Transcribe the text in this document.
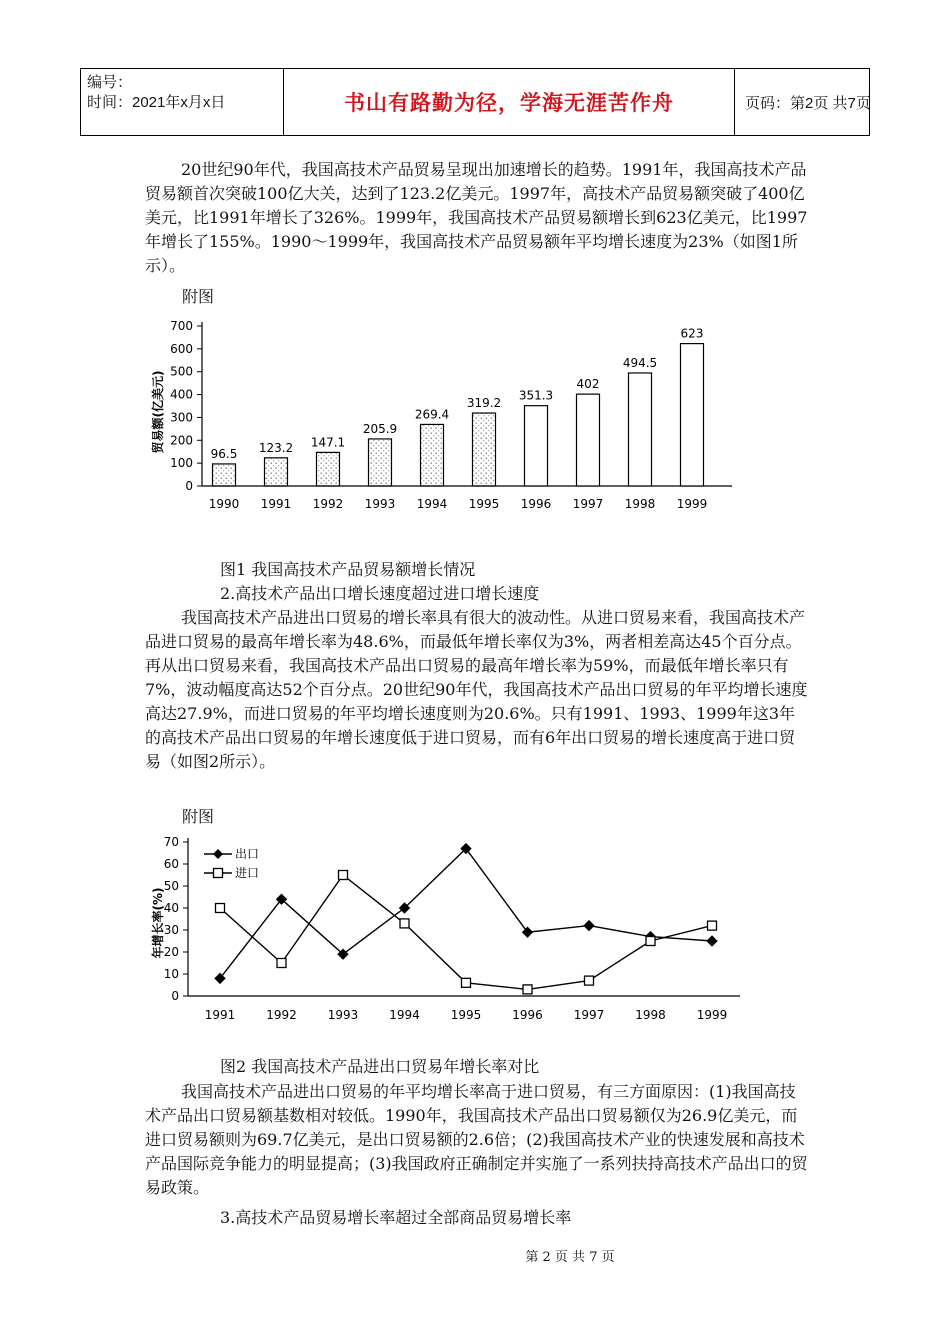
编号：
时间：2021年x月x日	书山有路勤为径，学海无涯苦作舟	页码：第2页 共7页

20世纪90年代，我国高技术产品贸易呈现出加速增长的趋势。1991年，我国高技术产品贸易额首次突破100亿大关，达到了123.2亿美元。1997年，高技术产品贸易额突破了400亿美元，比1991年增长了326%。1999年，我国高技术产品贸易额增长到623亿美元，比1997年增长了155%。1990～1999年，我国高技术产品贸易额年平均增长速度为23%（如图1所示）。

附图

0
100
200
300
400
500
600
700
96.5
1990
123.2
1991
147.1
1992
205.9
1993
269.4
1994
319.2
1995
351.3
1996
402
1997
494.5
1998
623
1999
贸易额(亿美元)

图1 我国高技术产品贸易额增长情况

2.高技术产品出口增长速度超过进口增长速度

我国高技术产品进出口贸易的增长率具有很大的波动性。从进口贸易来看，我国高技术产品进口贸易的最高年增长率为48.6%，而最低年增长率仅为3%，两者相差高达45个百分点。再从出口贸易来看，我国高技术产品出口贸易的最高年增长率为59%，而最低年增长率只有7%，波动幅度高达52个百分点。20世纪90年代，我国高技术产品出口贸易的年平均增长速度高达27.9%，而进口贸易的年平均增长速度则为20.6%。只有1991、1993、1999年这3年的高技术产品出口贸易的年增长速度低于进口贸易，而有6年出口贸易的增长速度高于进口贸易（如图2所示）。

附图

0
10
20
30
40
50
60
70
1991	1992	1993	1994	1995	1996	1997	1998	1999
出口
进口
年增长率(%)

图2 我国高技术产品进出口贸易年增长率对比

我国高技术产品进出口贸易的年平均增长率高于进口贸易，有三方面原因：(1)我国高技术产品出口贸易额基数相对较低。1990年，我国高技术产品出口贸易额仅为26.9亿美元，而进口贸易额则为69.7亿美元，是出口贸易额的2.6倍；(2)我国高技术产业的快速发展和高技术产品国际竞争能力的明显提高；(3)我国政府正确制定并实施了一系列扶持高技术产品出口的贸易政策。

3.高技术产品贸易增长率超过全部商品贸易增长率

第 2 页 共 7 页
